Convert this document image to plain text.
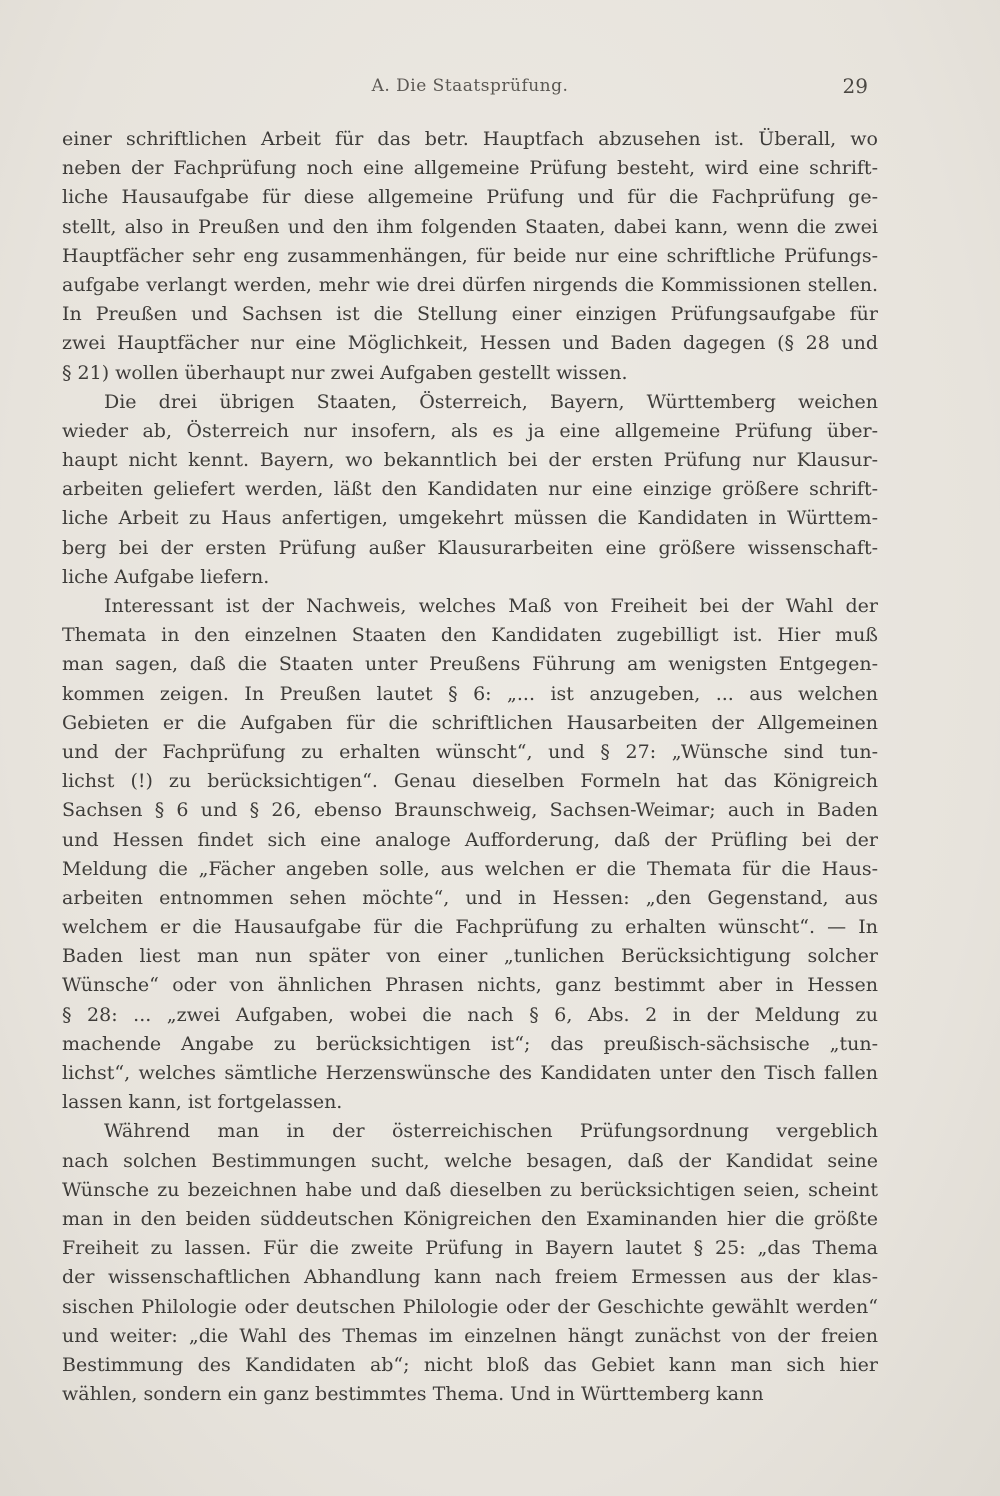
A. Die Staatsprüfung.	29
einer schriftlichen Arbeit für das betr. Hauptfach abzusehen ist. Überall, wo
neben der Fachprüfung noch eine allgemeine Prüfung besteht, wird eine schrift-
liche Hausaufgabe für diese allgemeine Prüfung und für die Fachprüfung ge-
stellt, also in Preußen und den ihm folgenden Staaten, dabei kann, wenn die zwei
Hauptfächer sehr eng zusammenhängen, für beide nur eine schriftliche Prüfungs-
aufgabe verlangt werden, mehr wie drei dürfen nirgends die Kommissionen stellen.
In Preußen und Sachsen ist die Stellung einer einzigen Prüfungsaufgabe für
zwei Hauptfächer nur eine Möglichkeit, Hessen und Baden dagegen (§ 28 und
§ 21) wollen überhaupt nur zwei Aufgaben gestellt wissen.
Die drei übrigen Staaten, Österreich, Bayern, Württemberg weichen
wieder ab, Österreich nur insofern, als es ja eine allgemeine Prüfung über-
haupt nicht kennt. Bayern, wo bekanntlich bei der ersten Prüfung nur Klausur-
arbeiten geliefert werden, läßt den Kandidaten nur eine einzige größere schrift-
liche Arbeit zu Haus anfertigen, umgekehrt müssen die Kandidaten in Württem-
berg bei der ersten Prüfung außer Klausurarbeiten eine größere wissenschaft-
liche Aufgabe liefern.
Interessant ist der Nachweis, welches Maß von Freiheit bei der Wahl der
Themata in den einzelnen Staaten den Kandidaten zugebilligt ist. Hier muß
man sagen, daß die Staaten unter Preußens Führung am wenigsten Entgegen-
kommen zeigen. In Preußen lautet § 6: „... ist anzugeben, ... aus welchen
Gebieten er die Aufgaben für die schriftlichen Hausarbeiten der Allgemeinen
und der Fachprüfung zu erhalten wünscht“, und § 27: „Wünsche sind tun-
lichst (!) zu berücksichtigen“. Genau dieselben Formeln hat das Königreich
Sachsen § 6 und § 26, ebenso Braunschweig, Sachsen-Weimar; auch in Baden
und Hessen findet sich eine analoge Aufforderung, daß der Prüfling bei der
Meldung die „Fächer angeben solle, aus welchen er die Themata für die Haus-
arbeiten entnommen sehen möchte“, und in Hessen: „den Gegenstand, aus
welchem er die Hausaufgabe für die Fachprüfung zu erhalten wünscht“. — In
Baden liest man nun später von einer „tunlichen Berücksichtigung solcher
Wünsche“ oder von ähnlichen Phrasen nichts, ganz bestimmt aber in Hessen
§ 28: ... „zwei Aufgaben, wobei die nach § 6, Abs. 2 in der Meldung zu
machende Angabe zu berücksichtigen ist“; das preußisch-sächsische „tun-
lichst“, welches sämtliche Herzenswünsche des Kandidaten unter den Tisch fallen
lassen kann, ist fortgelassen.
Während man in der österreichischen Prüfungsordnung vergeblich
nach solchen Bestimmungen sucht, welche besagen, daß der Kandidat seine
Wünsche zu bezeichnen habe und daß dieselben zu berücksichtigen seien, scheint
man in den beiden süddeutschen Königreichen den Examinanden hier die größte
Freiheit zu lassen. Für die zweite Prüfung in Bayern lautet § 25: „das Thema
der wissenschaftlichen Abhandlung kann nach freiem Ermessen aus der klas-
sischen Philologie oder deutschen Philologie oder der Geschichte gewählt werden“
und weiter: „die Wahl des Themas im einzelnen hängt zunächst von der freien
Bestimmung des Kandidaten ab“; nicht bloß das Gebiet kann man sich hier
wählen, sondern ein ganz bestimmtes Thema. Und in Württemberg kann
